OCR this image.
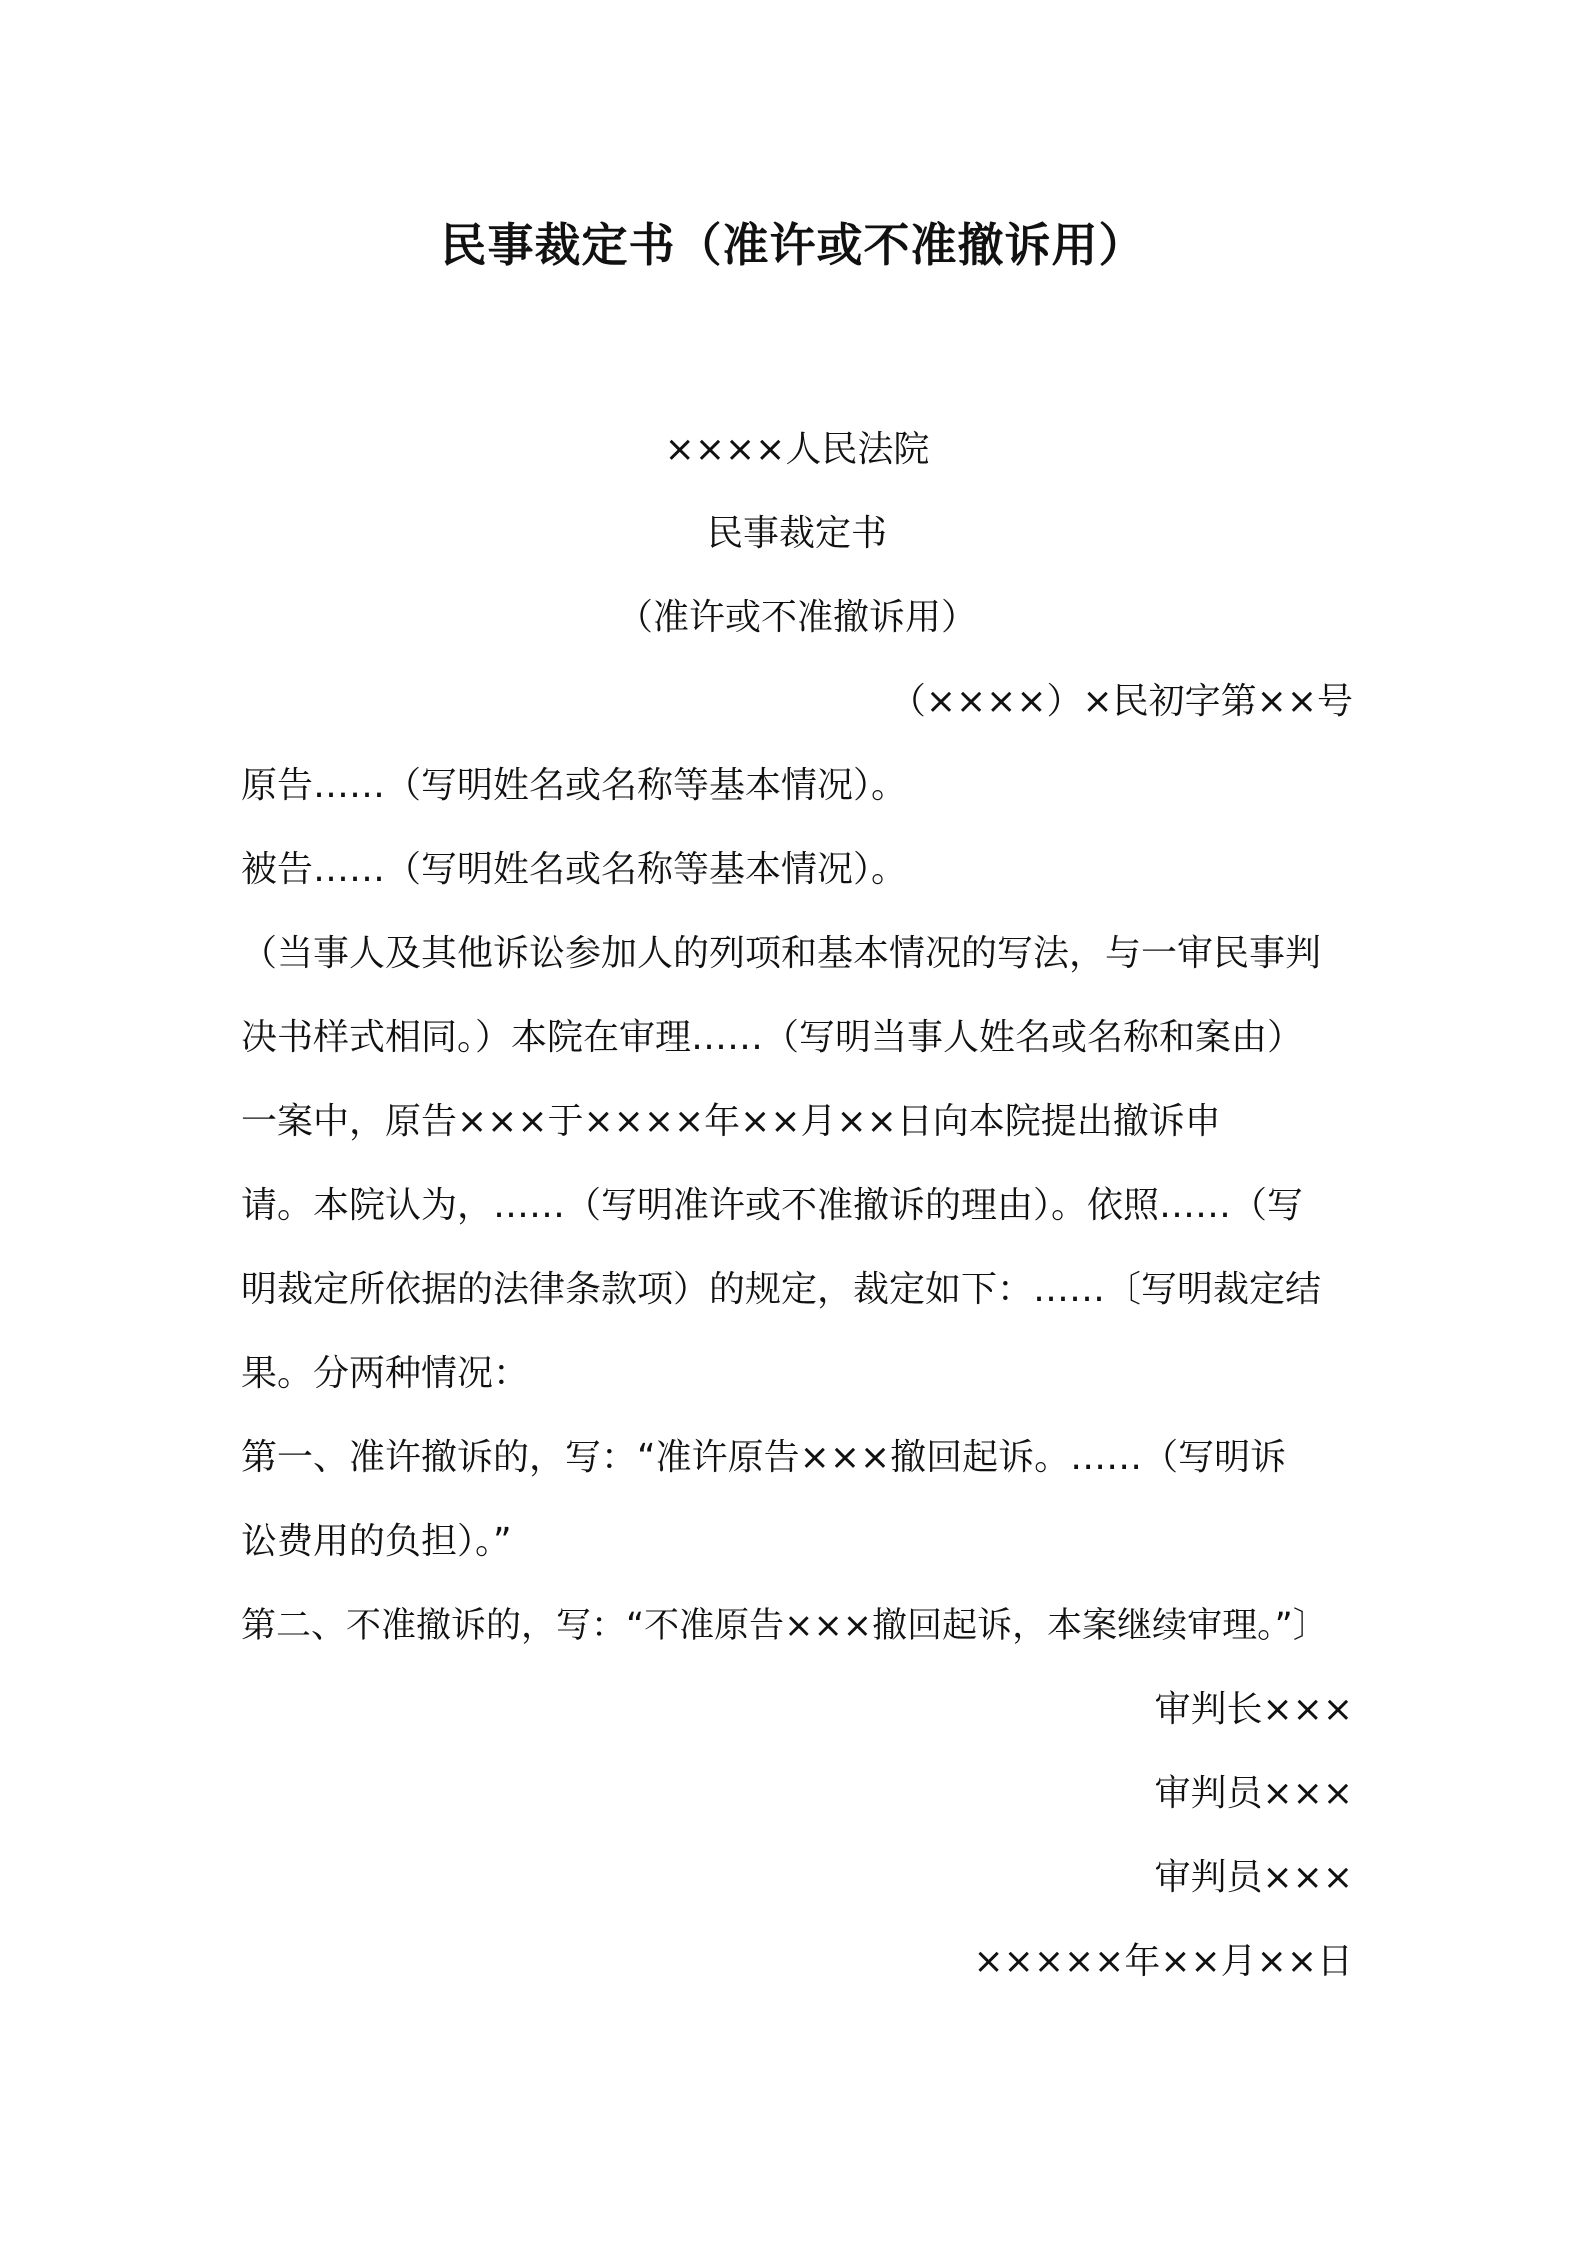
民事裁定书（准许或不准撤诉用）
××××人民法院
民事裁定书
（准许或不准撤诉用）
（××××）×民初字第××号
原告……（写明姓名或名称等基本情况）。
被告……（写明姓名或名称等基本情况）。
（当事人及其他诉讼参加人的列项和基本情况的写法，与一审民事判
决书样式相同。）本院在审理……（写明当事人姓名或名称和案由）
一案中，原告×××于××××年××月××日向本院提出撤诉申
请。本院认为，……（写明准许或不准撤诉的理由）。依照……（写
明裁定所依据的法律条款项）的规定，裁定如下：……〔写明裁定结
果。分两种情况：
第一、准许撤诉的，写：“准许原告×××撤回起诉。……（写明诉
讼费用的负担）。”
第二、不准撤诉的，写：“不准原告×××撤回起诉，本案继续审理。”〕
审判长×××
审判员×××
审判员×××
×××××年××月××日
